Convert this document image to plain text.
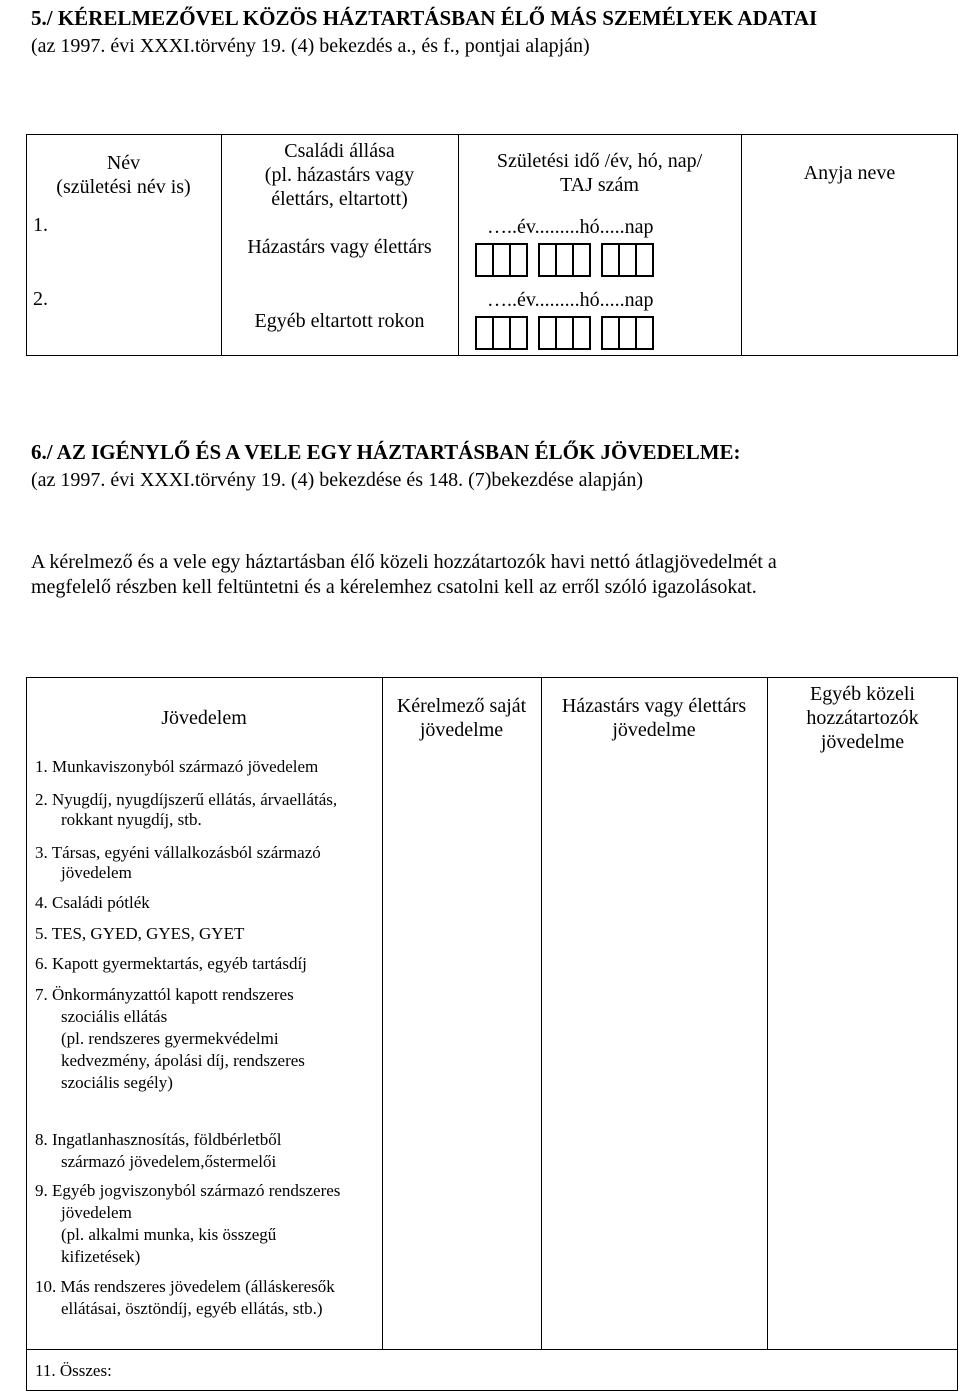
5./ KÉRELMEZŐVEL KÖZÖS HÁZTARTÁSBAN ÉLŐ MÁS SZEMÉLYEK ADATAI
(az 1997. évi XXXI.törvény 19. (4) bekezdés a., és f., pontjai alapján)
Név
(születési név is)
1.
2.
Családi állása
(pl. házastárs vagy
élettárs, eltartott)
Házastárs vagy élettárs
Egyéb eltartott rokon
Születési idő /év, hó, nap/
TAJ szám
…..év.........hó.....nap
…..év.........hó.....nap
Anyja neve
6./ AZ IGÉNYLŐ ÉS A VELE EGY HÁZTARTÁSBAN ÉLŐK JÖVEDELME:
(az 1997. évi XXXI.törvény 19. (4) bekezdése és 148. (7)bekezdése alapján)
A kérelmező és a vele egy háztartásban élő közeli hozzátartozók havi nettó átlagjövedelmét a
megfelelő részben kell feltüntetni és a kérelemhez csatolni kell az erről szóló igazolásokat.
Jövedelem
Kérelmező saját
jövedelme
Házastárs vagy élettárs
jövedelme
Egyéb közeli
hozzátartozók
jövedelme
1. Munkaviszonyból származó jövedelem
2. Nyugdíj, nyugdíjszerű ellátás, árvaellátás,
rokkant nyugdíj, stb.
3. Társas, egyéni vállalkozásból származó
jövedelem
4. Családi pótlék
5. TES, GYED, GYES, GYET
6. Kapott gyermektartás, egyéb tartásdíj
7. Önkormányzattól kapott rendszeres
szociális ellátás
(pl. rendszeres gyermekvédelmi
kedvezmény, ápolási díj, rendszeres
szociális segély)
8. Ingatlanhasznosítás, földbérletből
származó jövedelem,őstermelői
9. Egyéb jogviszonyból származó rendszeres
jövedelem
(pl. alkalmi munka, kis összegű
kifizetések)
10. Más rendszeres jövedelem (álláskeresők
ellátásai, ösztöndíj, egyéb ellátás, stb.)
11. Összes:
